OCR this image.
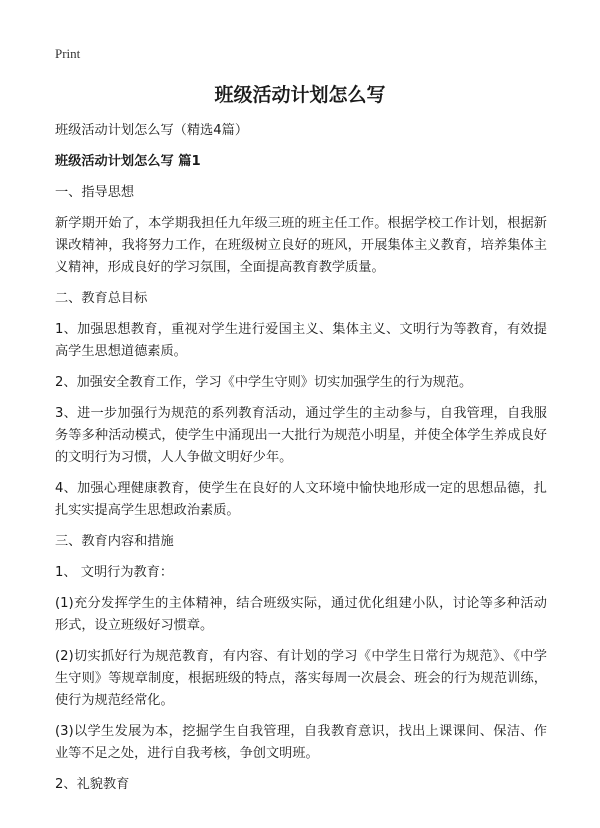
Print
班级活动计划怎么写

班级活动计划怎么写（精选4篇）

班级活动计划怎么写 篇1

一、指导思想

新学期开始了，本学期我担任九年级三班的班主任工作。根据学校工作计划，根据新课改精神，我将努力工作，在班级树立良好的班风，开展集体主义教育，培养集体主义精神，形成良好的学习氛围，全面提高教育教学质量。

二、教育总目标

1、加强思想教育，重视对学生进行爱国主义、集体主义、文明行为等教育，有效提高学生思想道德素质。

2、加强安全教育工作，学习《中学生守则》切实加强学生的行为规范。

3、进一步加强行为规范的系列教育活动，通过学生的主动参与，自我管理，自我服务等多种活动模式，使学生中涌现出一大批行为规范小明星，并使全体学生养成良好的文明行为习惯，人人争做文明好少年。

4、加强心理健康教育，使学生在良好的人文环境中愉快地形成一定的思想品德，扎扎实实提高学生思想政治素质。

三、教育内容和措施

1、 文明行为教育：

(1)充分发挥学生的主体精神，结合班级实际，通过优化组建小队，讨论等多种活动形式，设立班级好习惯章。

(2)切实抓好行为规范教育，有内容、有计划的学习《中学生日常行为规范》、《中学生守则》等规章制度，根据班级的特点，落实每周一次晨会、班会的行为规范训练，使行为规范经常化。

(3)以学生发展为本，挖掘学生自我管理，自我教育意识，找出上课课间、保洁、作业等不足之处，进行自我考核，争创文明班。

2、礼貌教育
